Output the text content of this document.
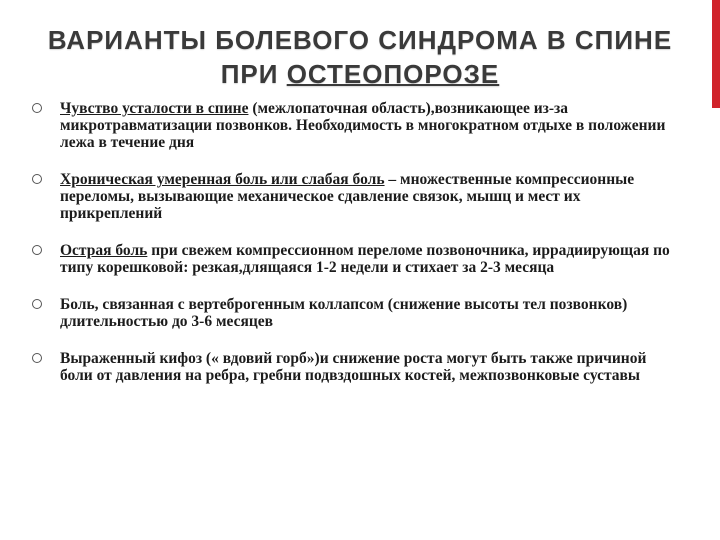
ВАРИАНТЫ БОЛЕВОГО СИНДРОМА В СПИНЕ
ПРИ ОСТЕОПОРОЗЕ
Чувство усталости в спине (межлопаточная область),возникающее из-за микротравматизации позвонков. Необходимость в многократном отдыхе в положении лежа в течение дня
Хроническая умеренная боль или слабая боль – множественные компрессионные переломы, вызывающие механическое сдавление связок, мышц и мест их прикреплений
Острая боль при свежем компрессионном переломе позвоночника, иррадиирующая по типу корешковой: резкая,длящаяся 1-2 недели и стихает за 2-3 месяца
Боль, связанная с вертеброгенным коллапсом (снижение высоты тел позвонков) длительностью до 3-6 месяцев
Выраженный кифоз (« вдовий горб»)и снижение роста могут быть также причиной боли от давления на ребра, гребни подвздошных костей, межпозвонковые суставы
